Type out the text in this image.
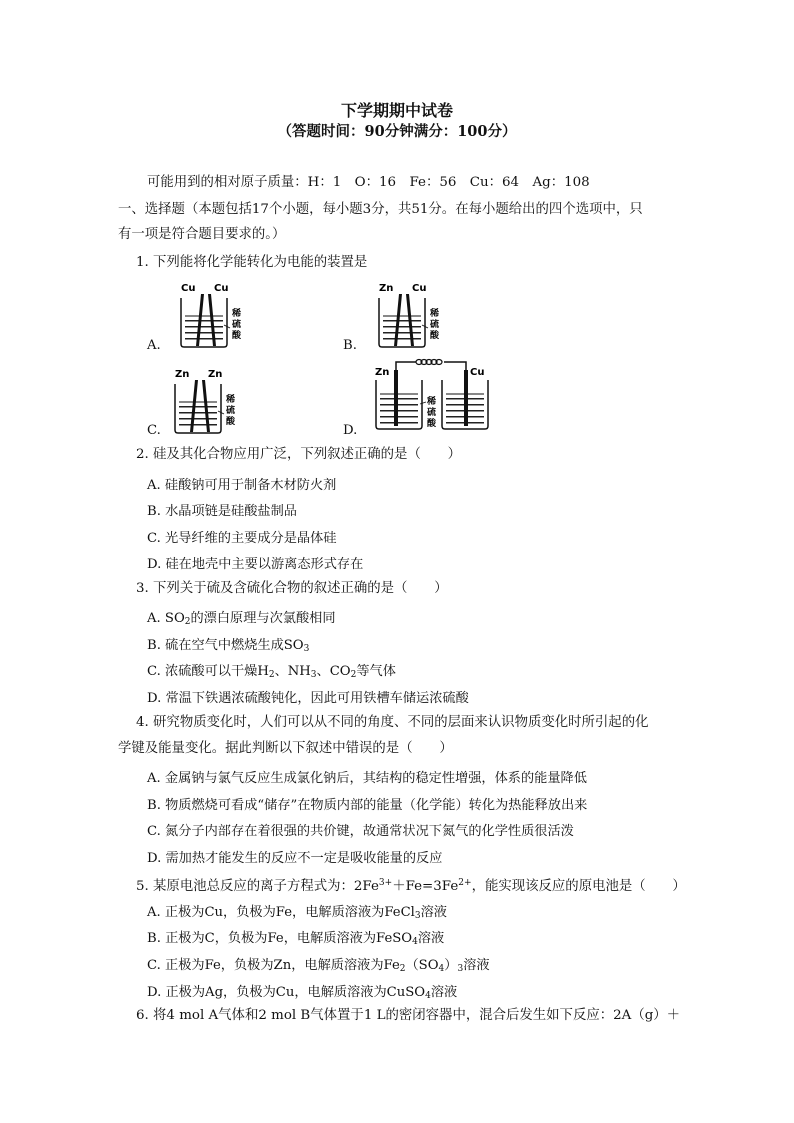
下学期期中试卷
（答题时间：90分钟满分：100分）
可能用到的相对原子质量：H：1　O：16　Fe：56　Cu：64　Ag：108
一、选择题（本题包括17个小题，每小题3分，共51分。在每小题给出的四个选项中，只
有一项是符合题目要求的。）
1. 下列能将化学能转化为电能的装置是
A.
Cu Cu
稀
硫
酸
B.
Zn Cu
稀
硫
酸
C.
Zn Zn
稀
硫
酸
D.
Zn	Cu
稀
硫
酸
2. 硅及其化合物应用广泛，下列叙述正确的是（　　）
A. 硅酸钠可用于制备木材防火剂
B. 水晶项链是硅酸盐制品
C. 光导纤维的主要成分是晶体硅
D. 硅在地壳中主要以游离态形式存在
3. 下列关于硫及含硫化合物的叙述正确的是（　　）
A. $SO_2$的漂白原理与次氯酸相同
B. 硫在空气中燃烧生成$SO_3$
C. 浓硫酸可以干燥$H_2$、$NH_3$、$CO_2$等气体
D. 常温下铁遇浓硫酸钝化，因此可用铁槽车储运浓硫酸
4. 研究物质变化时，人们可以从不同的角度、不同的层面来认识物质变化时所引起的化
学键及能量变化。据此判断以下叙述中错误的是（　　）
A. 金属钠与氯气反应生成氯化钠后，其结构的稳定性增强，体系的能量降低
B. 物质燃烧可看成“储存”在物质内部的能量（化学能）转化为热能释放出来
C. 氮分子内部存在着很强的共价键，故通常状况下氮气的化学性质很活泼
D. 需加热才能发生的反应不一定是吸收能量的反应
5. 某原电池总反应的离子方程式为：$2Fe^{3+}+Fe=3Fe^{2+}$，能实现该反应的原电池是（　　）
A. 正极为Cu，负极为Fe，电解质溶液为FeCl$_3$溶液
B. 正极为C，负极为Fe，电解质溶液为FeSO$_4$溶液
C. 正极为Fe，负极为Zn，电解质溶液为$Fe_2(SO_4)_3$溶液
D. 正极为Ag，负极为Cu，电解质溶液为CuSO$_4$溶液
6. 将4 mol A气体和2 mol B气体置于1 L的密闭容器中，混合后发生如下反应：2A（g）＋
